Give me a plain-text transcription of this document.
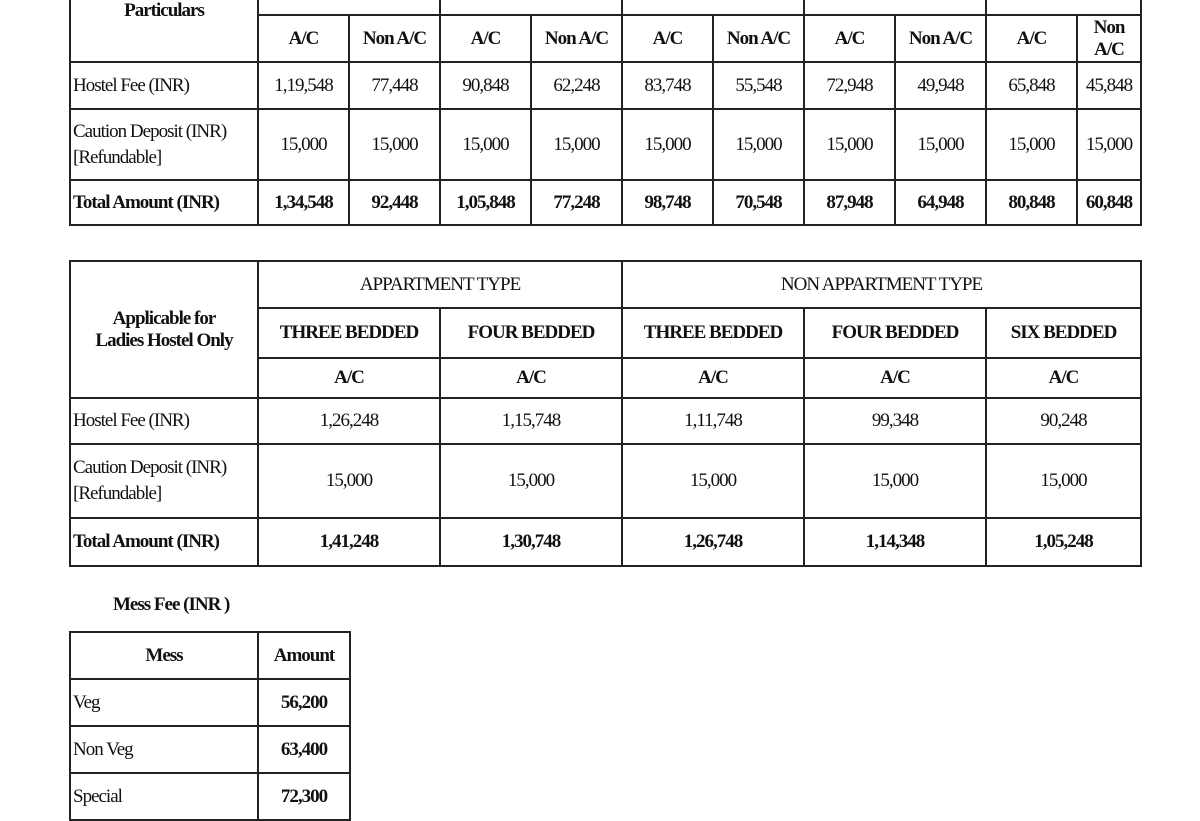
Particulars										
	A/C	Non A/C	A/C	Non A/C	A/C	Non A/C	A/C	Non A/C	A/C	Non A/C
Hostel Fee (INR)	1,19,548	77,448	90,848	62,248	83,748	55,548	72,948	49,948	65,848	45,848

Caution Deposit (INR)
[Refundable]	15,000	15,000	15,000	15,000	15,000	15,000	15,000	15,000	15,000	15,000
Total Amount (INR)	1,34,548	92,448	1,05,848	77,248	98,748	70,548	87,948	64,948	80,848	60,848
Applicable for
Ladies Hostel Only	APPARTMENT TYPE		NON APPARTMENT TYPE		
	THREE BEDDED	FOUR BEDDED	THREE BEDDED	FOUR BEDDED	SIX BEDDED
	A/C	A/C	A/C	A/C	A/C
Hostel Fee (INR)	1,26,248	1,15,748	1,11,748	99,348	90,248

Caution Deposit (INR)
[Refundable]	15,000	15,000	15,000	15,000	15,000
Total Amount (INR)	1,41,248	1,30,748	1,26,748	1,14,348	1,05,248
Mess Fee (INR )
Mess	Amount
Veg	56,200
Non Veg	63,400
Special	72,300
